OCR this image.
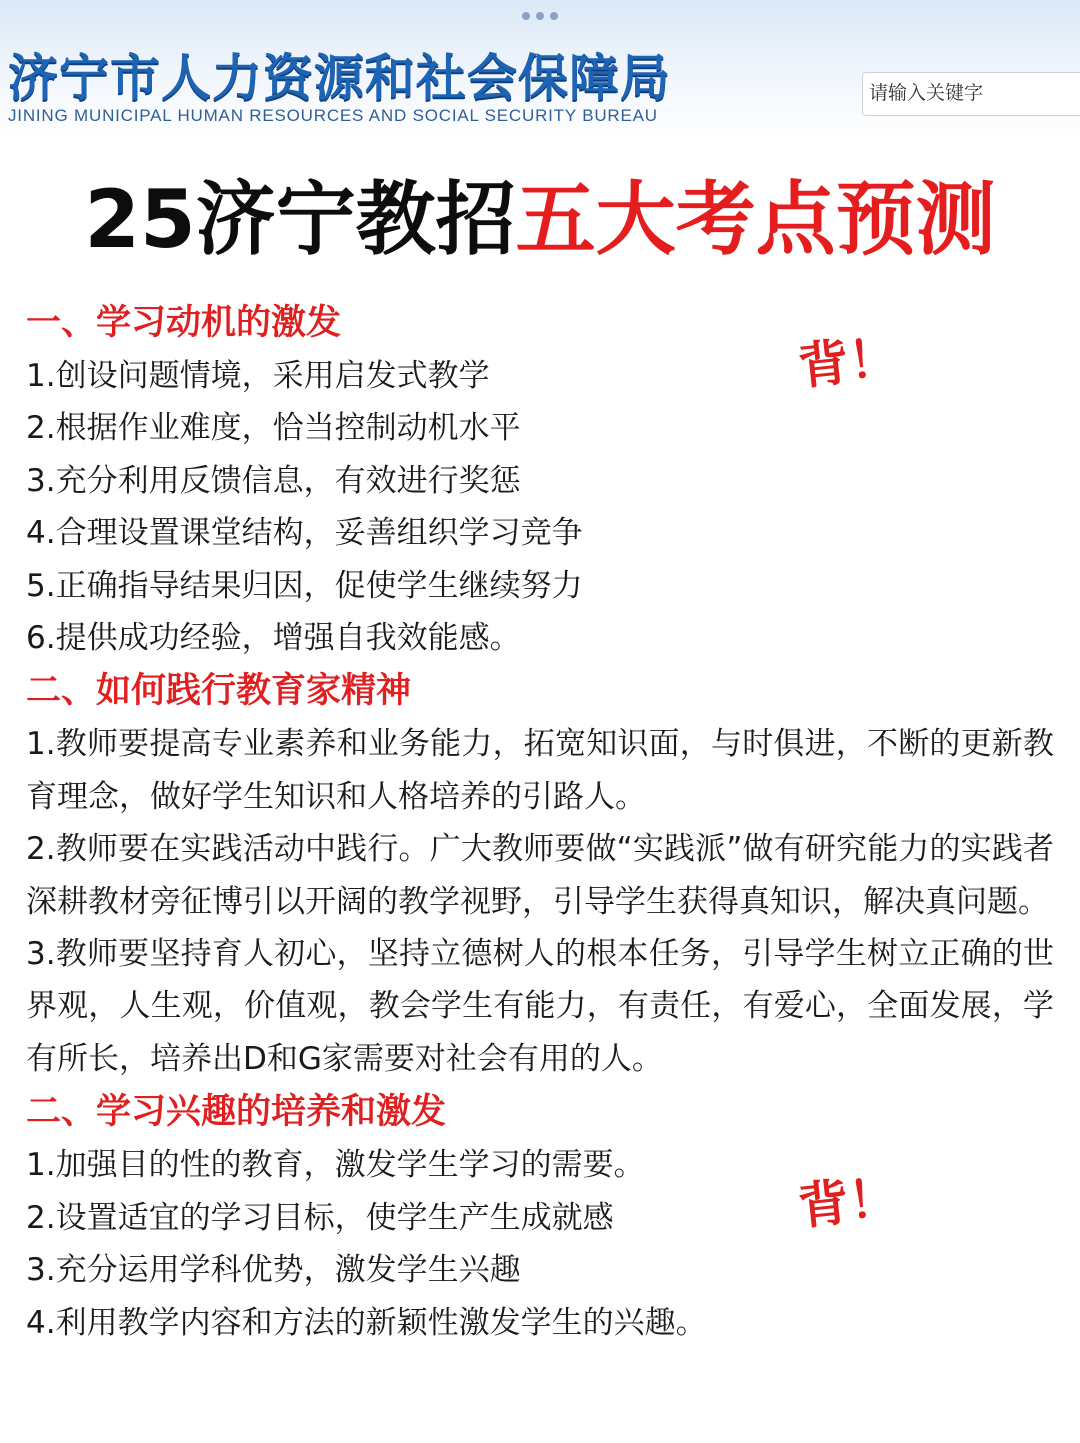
济宁市人力资源和社会保障局
JINING MUNICIPAL HUMAN RESOURCES AND SOCIAL SECURITY BUREAU
请输入关键字
25济宁教招五大考点预测
背！
背！
一、学习动机的激发
1.创设问题情境，采用启发式教学
2.根据作业难度，恰当控制动机水平
3.充分利用反馈信息，有效进行奖惩
4.合理设置课堂结构，妥善组织学习竞争
5.正确指导结果归因，促使学生继续努力
6.提供成功经验，增强自我效能感。
二、如何践行教育家精神
1.教师要提高专业素养和业务能力，拓宽知识面，与时俱进，不断的更新教育理念，做好学生知识和人格培养的引路人。
2.教师要在实践活动中践行。广大教师要做“实践派”做有研究能力的实践者深耕教材旁征博引以开阔的教学视野，引导学生获得真知识，解决真问题。
3.教师要坚持育人初心，坚持立德树人的根本任务，引导学生树立正确的世界观，人生观，价值观，教会学生有能力，有责任，有爱心，全面发展，学有所长，培养出D和G家需要对社会有用的人。
二、学习兴趣的培养和激发
1.加强目的性的教育，激发学生学习的需要。
2.设置适宜的学习目标，使学生产生成就感
3.充分运用学科优势，激发学生兴趣
4.利用教学内容和方法的新颖性激发学生的兴趣。
